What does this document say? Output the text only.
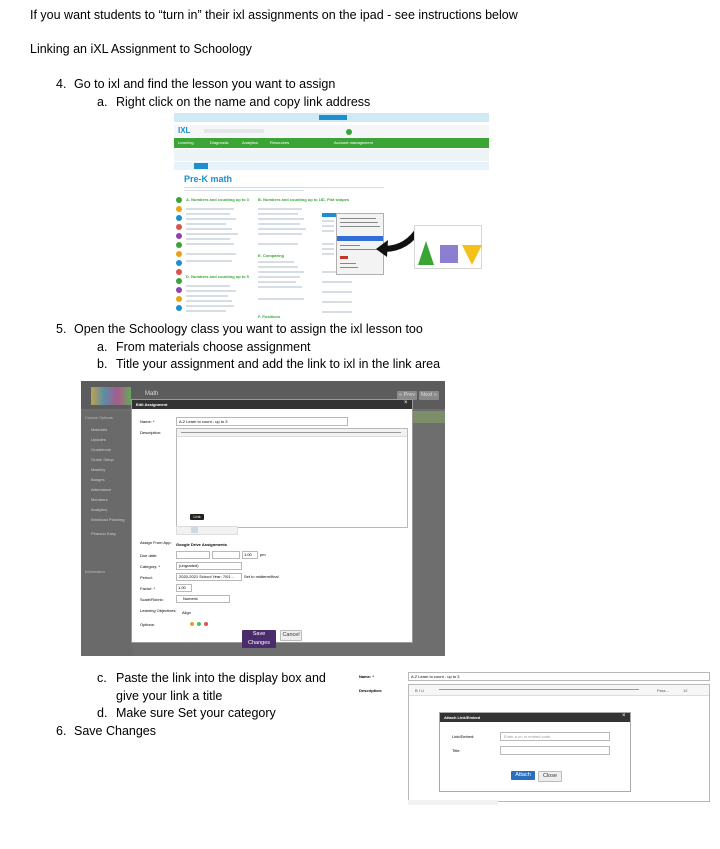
If you want students to “turn in” their ixl assignments on the ipad - see instructions below
Linking an iXL Assignment to Schoology
4. Go to ixl and find the lesson you want to assign
a. Right click on the name and copy link address
IXL
Learning	Diagnostic	Analytics	Resources	Account management
Pre-K math
A. Numbers and counting up to 3
D. Numbers and counting up to 5
B. Numbers and counting up to 10
E. Comparing
F. Positions
C. Flat shapes
5. Open the Schoology class you want to assign the ixl lesson too
a. From materials choose assignment
b. Title your assignment and add the link to ixl in the link area
Math	« Prev	Next »
Course Options
Materials
Updates
Gradebook
Grade Setup
Mastery
Badges
Attendance
Members
Analytics
Workload Planning
Pearson Easy
Information
Edit Assignment	×
Name: *	A.2 Learn to count - up to 3
Description:
Link
Assign From App: Google Drive Assignments
Due date:	1:00 pm
Category: *	(ungraded)
Period:	2020-2021 School Year: 7/01...	Set to midterm/final
Factor: *	1.00
Scale/Rubric:	Numeric
Learning Objectives: Align
Options:
Save Changes
Cancel
c. Paste the link into the display box and
give your link a title
d. Make sure Set your category
6. Save Changes
Name: *	A.2 Learn to count - up to 3
Description:	B I U	Para...	12
Attach Link/Embed	×
Link/Embed:	Enter a url or embed code
Title:
Attach	Close
